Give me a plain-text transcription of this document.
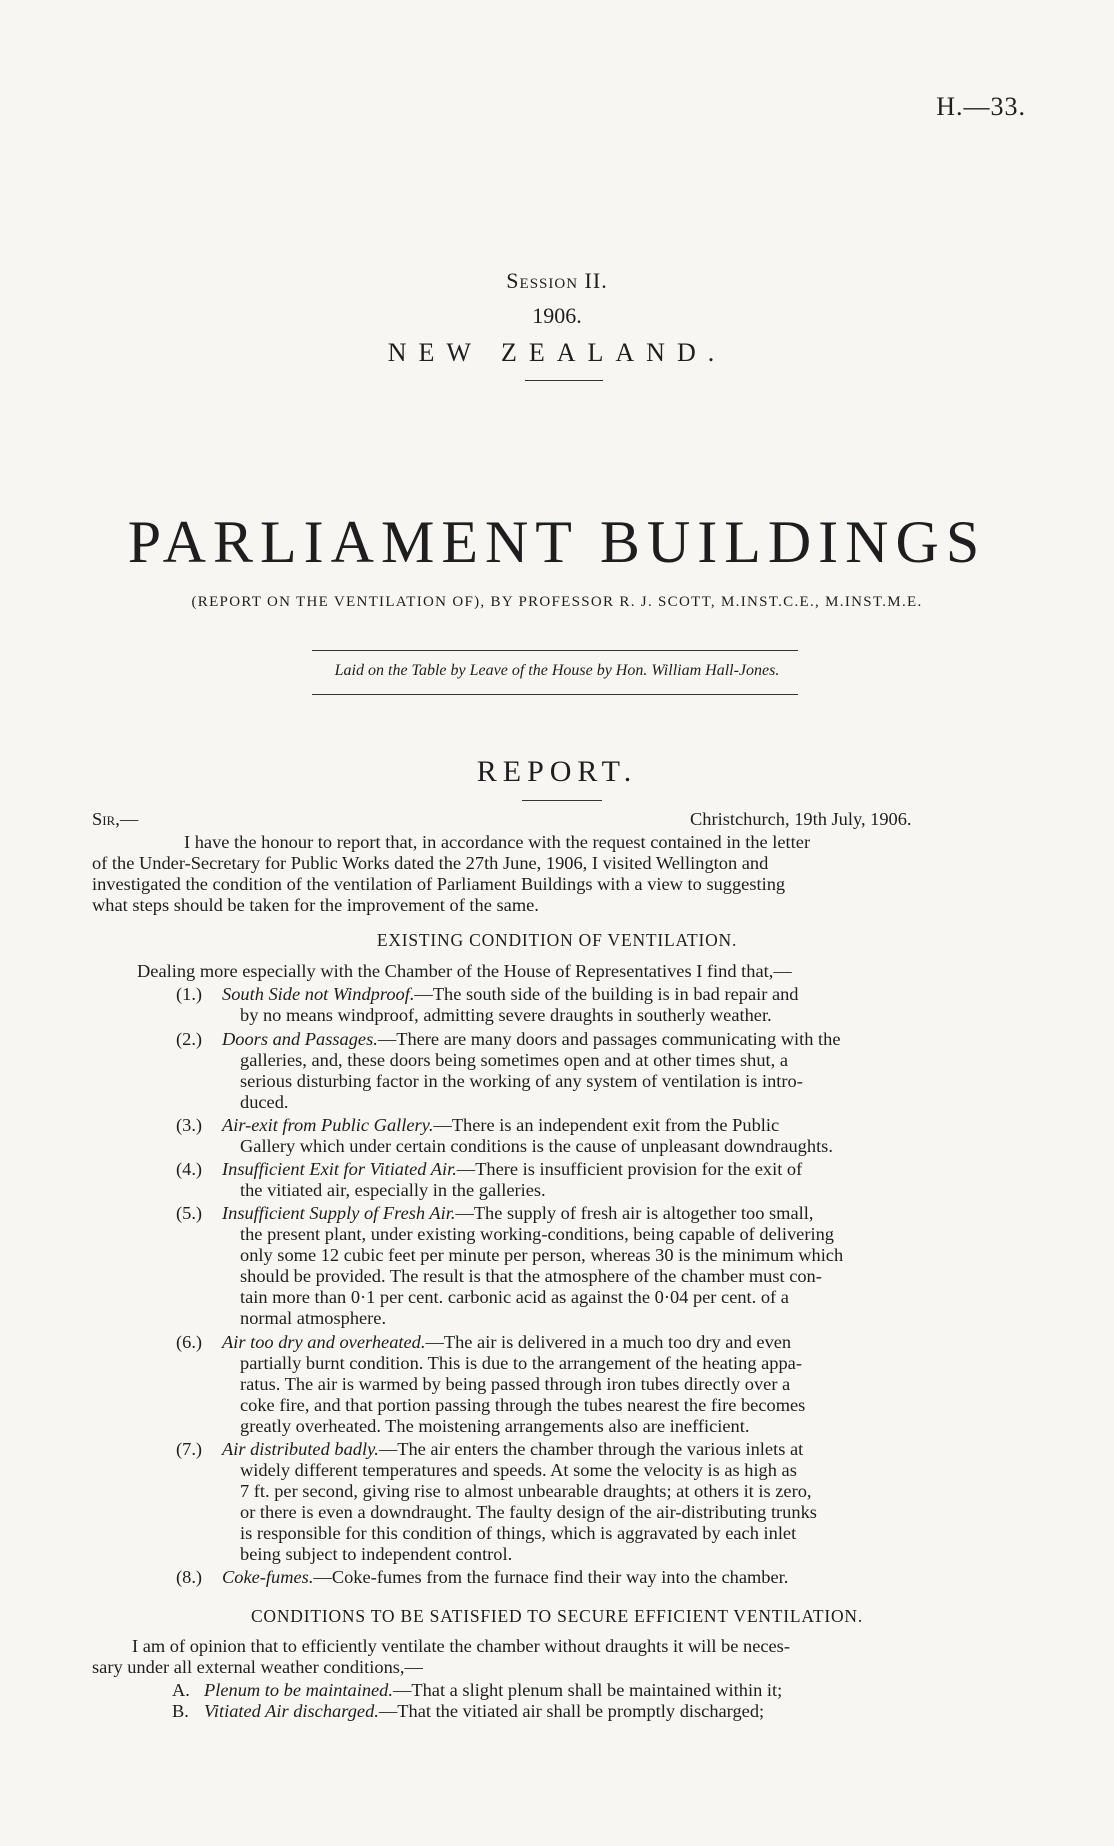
H.—33.
Session II.
1906.
NEW ZEALAND.
PARLIAMENT BUILDINGS
(REPORT ON THE VENTILATION OF), BY PROFESSOR R. J. SCOTT, M.INST.C.E., M.INST.M.E.
Laid on the Table by Leave of the House by Hon. William Hall-Jones.
REPORT.
Sir,—	Christchurch, 19th July, 1906.
I have the honour to report that, in accordance with the request contained in the letter
of the Under-Secretary for Public Works dated the 27th June, 1906, I visited Wellington and
investigated the condition of the ventilation of Parliament Buildings with a view to suggesting
what steps should be taken for the improvement of the same.
EXISTING CONDITION OF VENTILATION.
Dealing more especially with the Chamber of the House of Representatives I find that,—
(1.) South Side not Windproof.—The south side of the building is in bad repair and
by no means windproof, admitting severe draughts in southerly weather.
(2.) Doors and Passages.—There are many doors and passages communicating with the
galleries, and, these doors being sometimes open and at other times shut, a
serious disturbing factor in the working of any system of ventilation is intro-
duced.
(3.) Air-exit from Public Gallery.—There is an independent exit from the Public
Gallery which under certain conditions is the cause of unpleasant downdraughts.
(4.) Insufficient Exit for Vitiated Air.—There is insufficient provision for the exit of
the vitiated air, especially in the galleries.
(5.) Insufficient Supply of Fresh Air.—The supply of fresh air is altogether too small,
the present plant, under existing working-conditions, being capable of delivering
only some 12 cubic feet per minute per person, whereas 30 is the minimum which
should be provided. The result is that the atmosphere of the chamber must con-
tain more than 0·1 per cent. carbonic acid as against the 0·04 per cent. of a
normal atmosphere.
(6.) Air too dry and overheated.—The air is delivered in a much too dry and even
partially burnt condition. This is due to the arrangement of the heating appa-
ratus. The air is warmed by being passed through iron tubes directly over a
coke fire, and that portion passing through the tubes nearest the fire becomes
greatly overheated. The moistening arrangements also are inefficient.
(7.) Air distributed badly.—The air enters the chamber through the various inlets at
widely different temperatures and speeds. At some the velocity is as high as
7 ft. per second, giving rise to almost unbearable draughts; at others it is zero,
or there is even a downdraught. The faulty design of the air-distributing trunks
is responsible for this condition of things, which is aggravated by each inlet
being subject to independent control.
(8.) Coke-fumes.—Coke-fumes from the furnace find their way into the chamber.
CONDITIONS TO BE SATISFIED TO SECURE EFFICIENT VENTILATION.
I am of opinion that to efficiently ventilate the chamber without draughts it will be neces-
sary under all external weather conditions,—
A. Plenum to be maintained.—That a slight plenum shall be maintained within it;
B. Vitiated Air discharged.—That the vitiated air shall be promptly discharged;
